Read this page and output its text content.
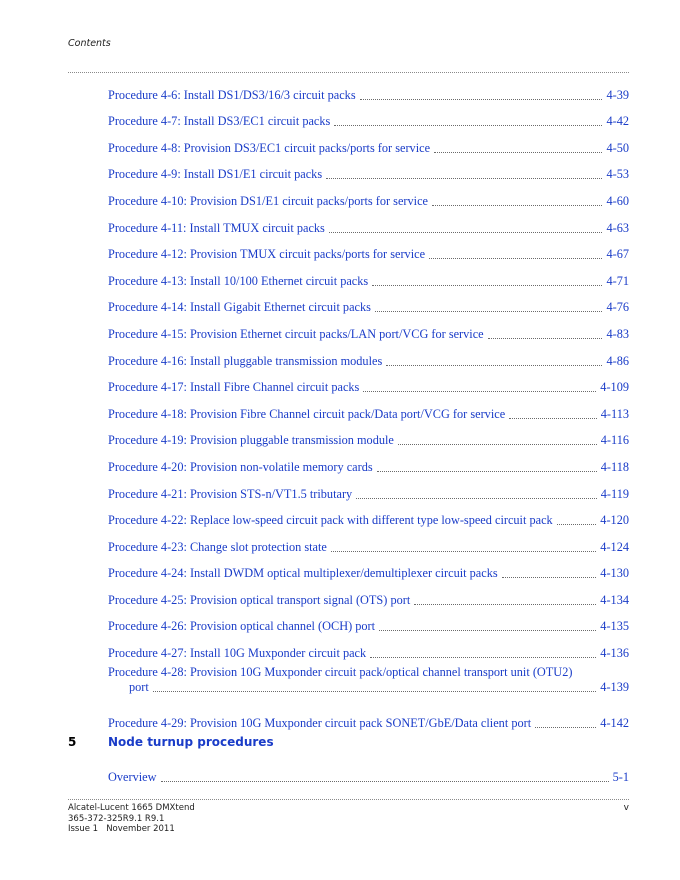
Contents
Procedure 4-6: Install DS1/DS3/16/3 circuit packs	4-39
Procedure 4-7: Install DS3/EC1 circuit packs	4-42
Procedure 4-8: Provision DS3/EC1 circuit packs/ports for service	4-50
Procedure 4-9: Install DS1/E1 circuit packs	4-53
Procedure 4-10: Provision DS1/E1 circuit packs/ports for service	4-60
Procedure 4-11: Install TMUX circuit packs	4-63
Procedure 4-12: Provision TMUX circuit packs/ports for service	4-67
Procedure 4-13: Install 10/100 Ethernet circuit packs	4-71
Procedure 4-14: Install Gigabit Ethernet circuit packs	4-76
Procedure 4-15: Provision Ethernet circuit packs/LAN port/VCG for service	4-83
Procedure 4-16: Install pluggable transmission modules	4-86
Procedure 4-17: Install Fibre Channel circuit packs	4-109
Procedure 4-18: Provision Fibre Channel circuit pack/Data port/VCG for service	4-113
Procedure 4-19: Provision pluggable transmission module	4-116
Procedure 4-20: Provision non-volatile memory cards	4-118
Procedure 4-21: Provision STS-n/VT1.5 tributary	4-119
Procedure 4-22: Replace low-speed circuit pack with different type low-speed circuit pack	4-120
Procedure 4-23: Change slot protection state	4-124
Procedure 4-24: Install DWDM optical multiplexer/demultiplexer circuit packs	4-130
Procedure 4-25: Provision optical transport signal (OTS) port	4-134
Procedure 4-26: Provision optical channel (OCH) port	4-135
Procedure 4-27: Install 10G Muxponder circuit pack	4-136
Procedure 4-28: Provision 10G Muxponder circuit pack/optical channel transport unit (OTU2)
port	4-139
Procedure 4-29: Provision 10G Muxponder circuit pack SONET/GbE/Data client port	4-142
5	Node turnup procedures
Overview	5-1
Alcatel-Lucent 1665 DMXtend
365-372-325R9.1 R9.1
Issue 1   November 2011
v
